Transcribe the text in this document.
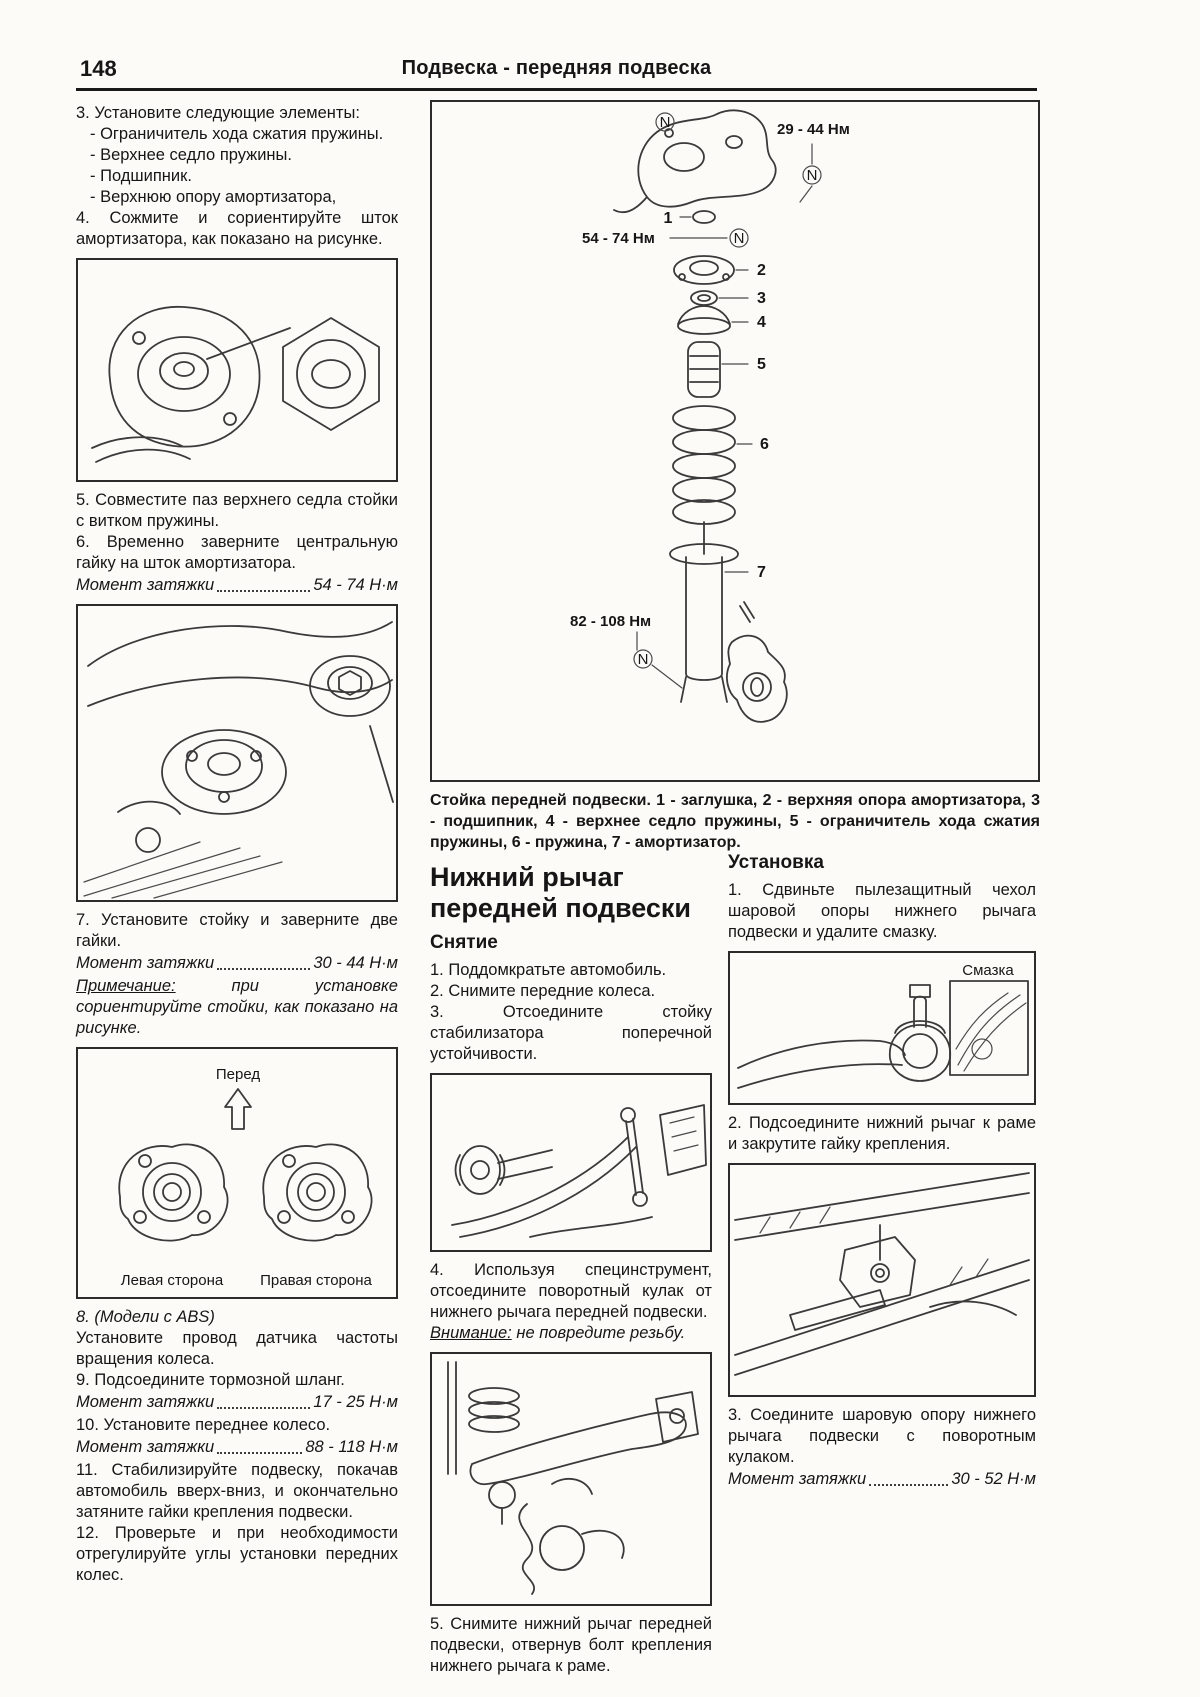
148	Подвеска - передняя подвеска
3. Установите следующие элементы:
- Ограничитель хода сжатия пружины.
- Верхнее седло пружины.
- Подшипник.
- Верхнюю опору амортизатора,
4. Сожмите и сориентируйте шток амортизатора, как показано на рисунке.
5. Совместите паз верхнего седла стойки с витком пружины.
6. Временно заверните центральную гайку на шток амортизатора.
Момент затяжки	54 - 74 Н·м
7. Установите стойку и заверните две гайки.
Момент затяжки	30 - 44 Н·м
Примечание: при установке сориентируйте стойки, как показано на рисунке.
Перед
Левая сторона Правая сторона
8. (Модели с ABS)
Установите провод датчика частоты вращения колеса.
9. Подсоедините тормозной шланг.
Момент затяжки	17 - 25 Н·м
10. Установите переднее колесо.
Момент затяжки	88 - 118 Н·м
11. Стабилизируйте подвеску, покачав автомобиль вверх-вниз, и окончательно затяните гайки крепления подвески.
12. Проверьте и при необходимости отрегулируйте углы установки передних колес.
N
N
29 - 44 Нм
1
54 - 74 Нм	N
2
3
4
5
6
7
82 - 108 Нм
N
Стойка передней подвески. 1 - заглушка, 2 - верхняя опора амортизатора, 3 - подшипник, 4 - верхнее седло пружины, 5 - ограничитель хода сжатия пружины, 6 - пружина, 7 - амортизатор.
Нижний рычаг передней подвески
Снятие
1. Поддомкратьте автомобиль.
2. Снимите передние колеса.
3. Отсоедините стойку стабилизатора поперечной устойчивости.
4. Используя специнструмент, отсоедините поворотный кулак от нижнего рычага передней подвески.
Внимание: не повредите резьбу.
5. Снимите нижний рычаг передней подвески, отвернув болт крепления нижнего рычага к раме.
Установка
1. Сдвиньте пылезащитный чехол шаровой опоры нижнего рычага подвески и удалите смазку.
Смазка
2. Подсоедините нижний рычаг к раме и закрутите гайку крепления.
3. Соедините шаровую опору нижнего рычага подвески с поворотным кулаком.
Момент затяжки	30 - 52 Н·м
